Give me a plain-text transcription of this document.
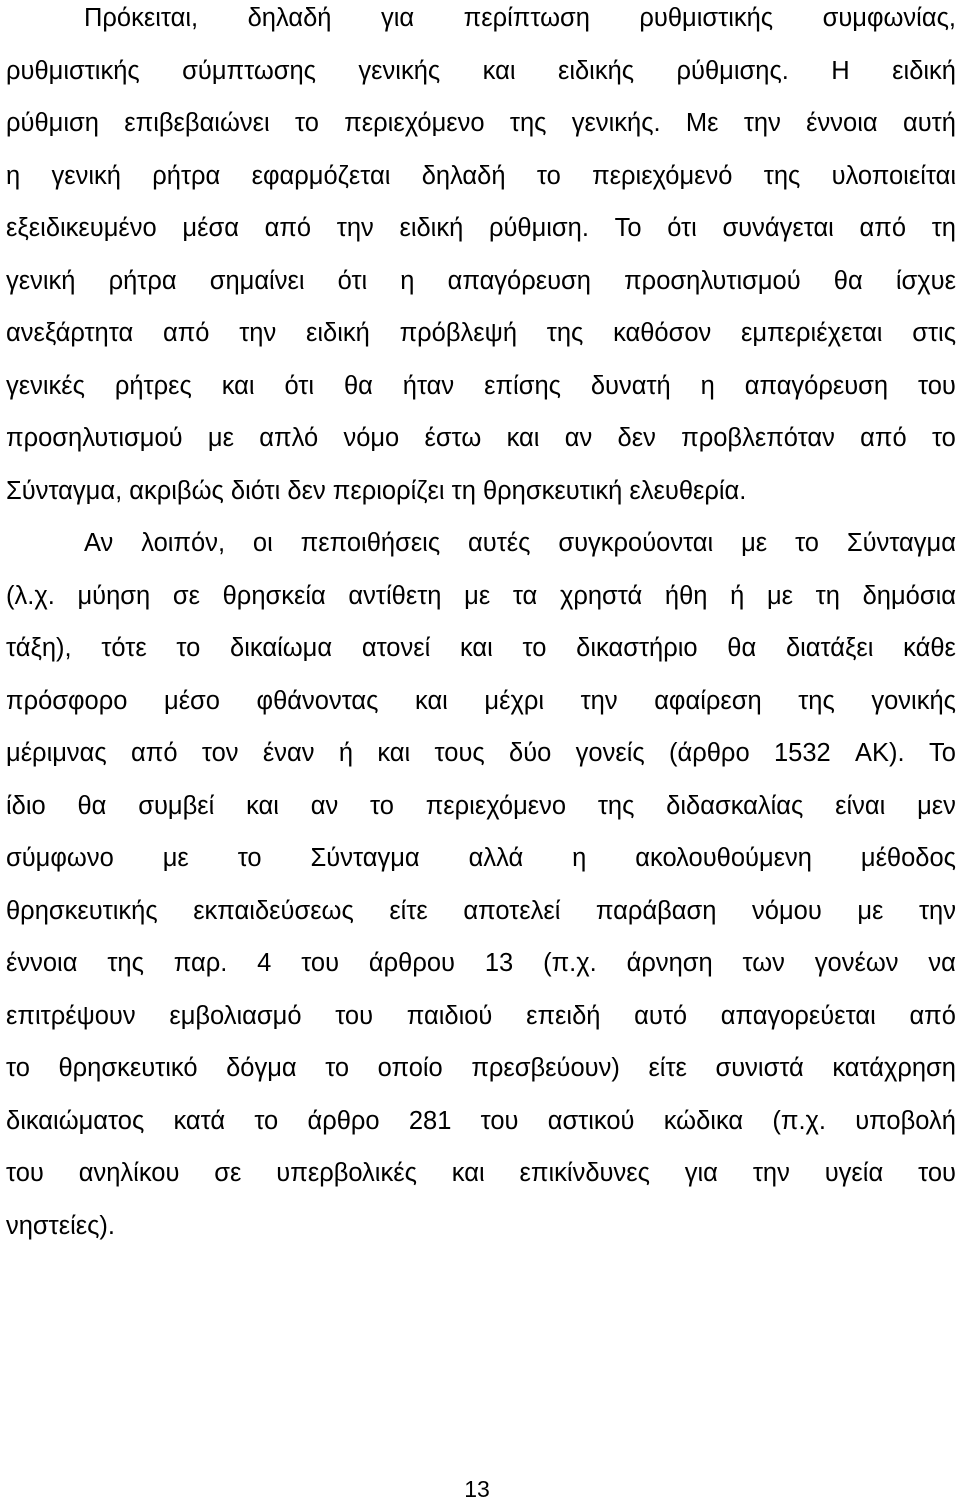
Πρόκειται, δηλαδή για περίπτωση ρυθμιστικής συμφωνίας,
ρυθμιστικής σύμπτωσης γενικής και ειδικής ρύθμισης. Η ειδική
ρύθμιση επιβεβαιώνει το περιεχόμενο της γενικής. Με την έννοια αυτή
η γενική ρήτρα εφαρμόζεται δηλαδή το περιεχόμενό της υλοποιείται
εξειδικευμένο μέσα από την ειδική ρύθμιση. Το ότι συνάγεται από τη
γενική ρήτρα σημαίνει ότι η απαγόρευση προσηλυτισμού θα ίσχυε
ανεξάρτητα από την ειδική πρόβλεψή της καθόσον εμπεριέχεται στις
γενικές ρήτρες και ότι θα ήταν επίσης δυνατή η απαγόρευση του
προσηλυτισμού με απλό νόμο έστω και αν δεν προβλεπόταν από το
Σύνταγμα, ακριβώς διότι δεν περιορίζει τη θρησκευτική ελευθερία.
Αν λοιπόν, οι πεποιθήσεις αυτές συγκρούονται με το Σύνταγμα
(λ.χ. μύηση σε θρησκεία αντίθετη με τα χρηστά ήθη ή με τη δημόσια
τάξη), τότε το δικαίωμα ατονεί και το δικαστήριο θα διατάξει κάθε
πρόσφορο μέσο φθάνοντας και μέχρι την αφαίρεση της γονικής
μέριμνας από τον έναν ή και τους δύο γονείς (άρθρο 1532 ΑΚ). Το
ίδιο θα συμβεί και αν το περιεχόμενο της διδασκαλίας είναι μεν
σύμφωνο με το Σύνταγμα αλλά η ακολουθούμενη μέθοδος
θρησκευτικής εκπαιδεύσεως είτε αποτελεί παράβαση νόμου με την
έννοια της παρ. 4 του άρθρου 13 (π.χ. άρνηση των γονέων να
επιτρέψουν εμβολιασμό του παιδιού επειδή αυτό απαγορεύεται από
το θρησκευτικό δόγμα το οποίο πρεσβεύουν) είτε συνιστά κατάχρηση
δικαιώματος κατά το άρθρο 281 του αστικού κώδικα (π.χ. υποβολή
του ανηλίκου σε υπερβολικές και επικίνδυνες για την υγεία του
νηστείες).
13
